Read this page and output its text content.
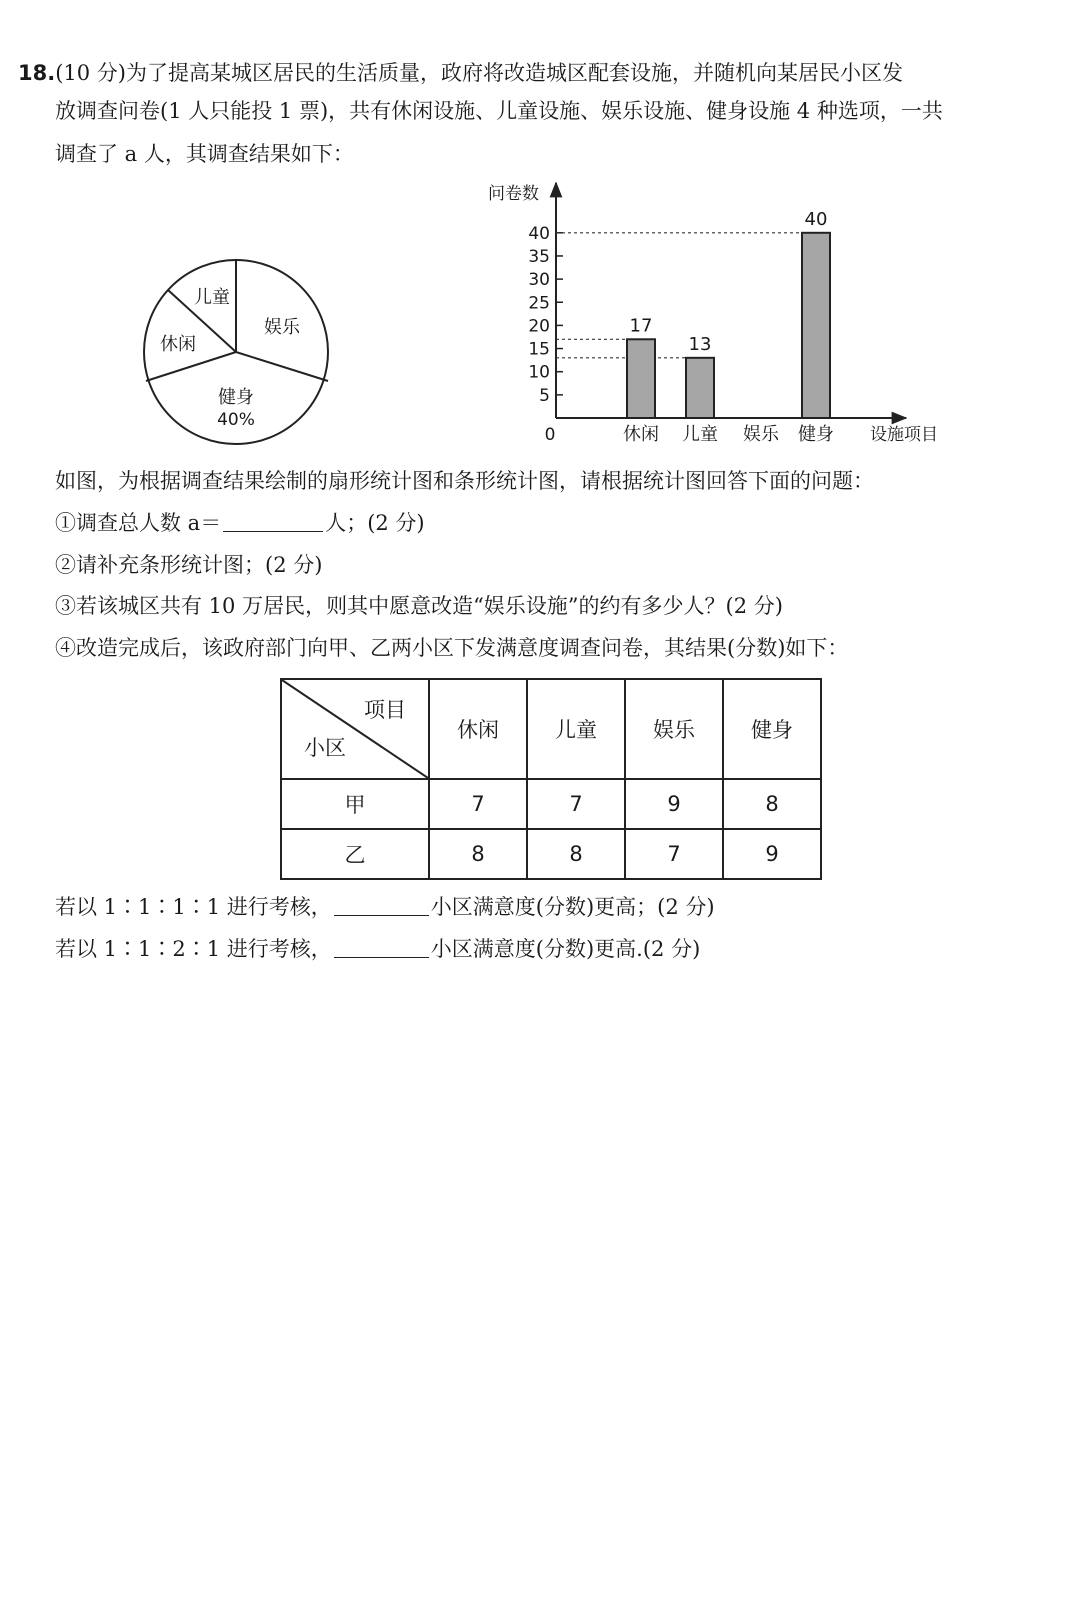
18.(10 分)为了提高某城区居民的生活质量，政府将改造城区配套设施，并随机向某居民小区发
放调查问卷(1 人只能投 1 票)，共有休闲设施、儿童设施、娱乐设施、健身设施 4 种选项，一共
调查了 a 人，其调查结果如下：
儿童
娱乐
休闲
健身
40%
问卷数
设施项目
0
5
10
15
20
25
30
35
40
休闲 儿童 娱乐 健身
17
13
40
如图，为根据调查结果绘制的扇形统计图和条形统计图，请根据统计图回答下面的问题：
①调查总人数 a＝	人；(2 分)
②请补充条形统计图；(2 分)
③若该城区共有 10 万居民，则其中愿意改造“娱乐设施”的约有多少人？(2 分)
④改造完成后，该政府部门向甲、乙两小区下发满意度调查问卷，其结果(分数)如下：
项目
小区	休闲	儿童	娱乐	健身
甲	7	7	9	8
乙	8	8	7	9
若以 1∶1∶1∶1 进行考核，	小区满意度(分数)更高；(2 分)
若以 1∶1∶2∶1 进行考核，	小区满意度(分数)更高.(2 分)
